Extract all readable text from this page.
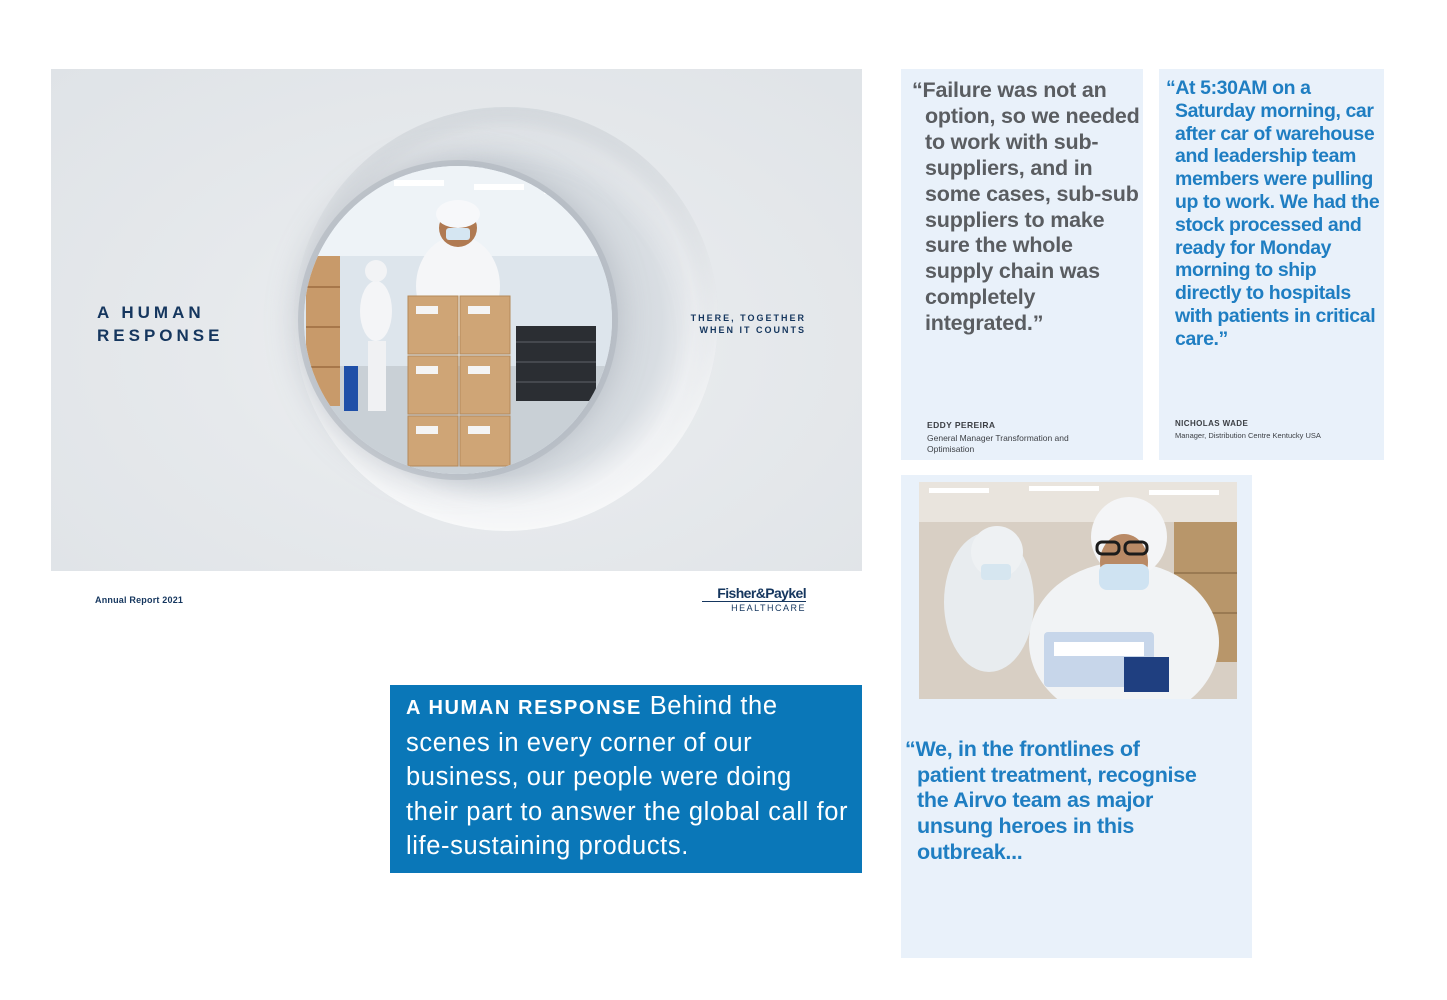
A HUMAN
RESPONSE
THERE, TOGETHER
WHEN IT COUNTS
Annual Report 2021	Fisher&Paykel
HEALTHCARE
A HUMAN RESPONSE Behind the scenes in every corner of our business, our people were doing their part to answer the global call for life-sustaining products.
“Failure was not an option, so we needed to work with sub-suppliers, and in some cases, sub-sub suppliers to make sure the whole supply chain was completely integrated.”
EDDY PEREIRA
General Manager Transformation and Optimisation
“At 5:30AM on a Saturday morning, car after car of warehouse and leadership team members were pulling up to work. We had the stock processed and ready for Monday morning to ship directly to hospitals with patients in critical care.”
NICHOLAS WADE
Manager, Distribution Centre Kentucky USA
“We, in the frontlines of patient treatment, recognise the Airvo team as major unsung heroes in this outbreak...
